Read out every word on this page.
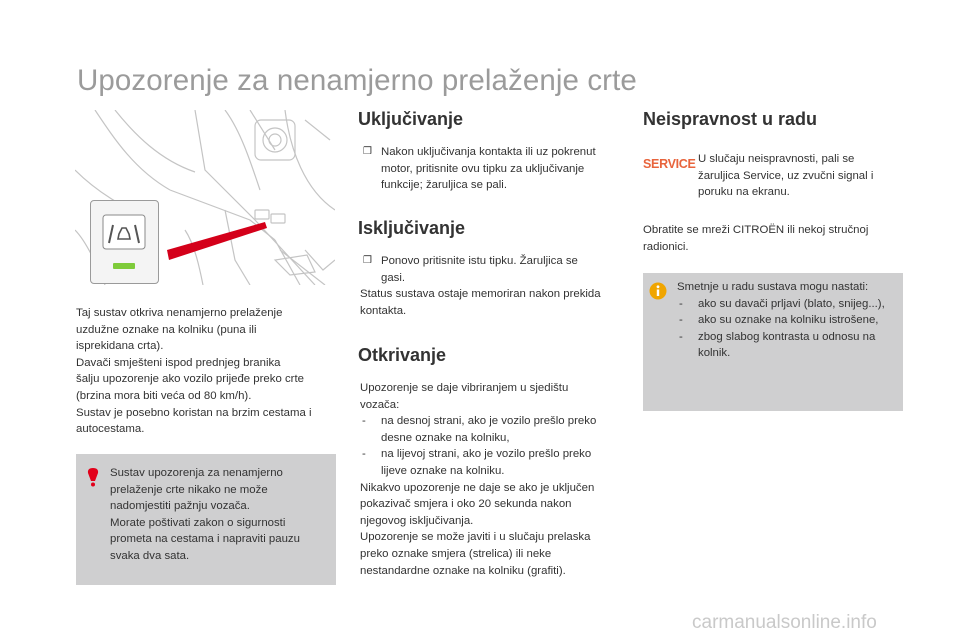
Upozorenje za nenamjerno prelaženje crte
Taj sustav otkriva nenamjerno prelaženje
uzdužne oznake na kolniku (puna ili
isprekidana crta).
Davači smješteni ispod prednjeg branika
šalju upozorenje ako vozilo prijeđe preko crte
(brzina mora biti veća od 80 km/h).
Sustav je posebno koristan na brzim cestama i
autocestama.
Sustav upozorenja za nenamjerno
prelaženje crte nikako ne može
nadomjestiti pažnju vozača.
Morate poštivati zakon o sigurnosti
prometa na cestama i napraviti pauzu
svaka dva sata.
Uključivanje
❒ Nakon uključivanja kontakta ili uz pokrenut
motor, pritisnite ovu tipku za uključivanje
funkcije; žaruljica se pali.
Isključivanje
❒ Ponovo pritisnite istu tipku. Žaruljica se
gasi.
Status sustava ostaje memoriran nakon prekida
kontakta.
Otkrivanje
Upozorenje se daje vibriranjem u sjedištu
vozača:
- na desnoj strani, ako je vozilo prešlo preko
desne oznake na kolniku,
- na lijevoj strani, ako je vozilo prešlo preko
lijeve oznake na kolniku.
Nikakvo upozorenje ne daje se ako je uključen
pokazivač smjera i oko 20 sekunda nakon
njegovog isključivanja.
Upozorenje se može javiti i u slučaju prelaska
preko oznake smjera (strelica) ili neke
nestandardne oznake na kolniku (grafiti).
Neispravnost u radu
SERVICE U slučaju neispravnosti, pali se
žaruljica Service, uz zvučni signal i
poruku na ekranu.
Obratite se mreži CITROËN ili nekoj stručnoj
radionici.
Smetnje u radu sustava mogu nastati:
- ako su davači prljavi (blato, snijeg...),
- ako su oznake na kolniku istrošene,
- zbog slabog kontrasta u odnosu na
kolnik.
carmanualsonline.info
